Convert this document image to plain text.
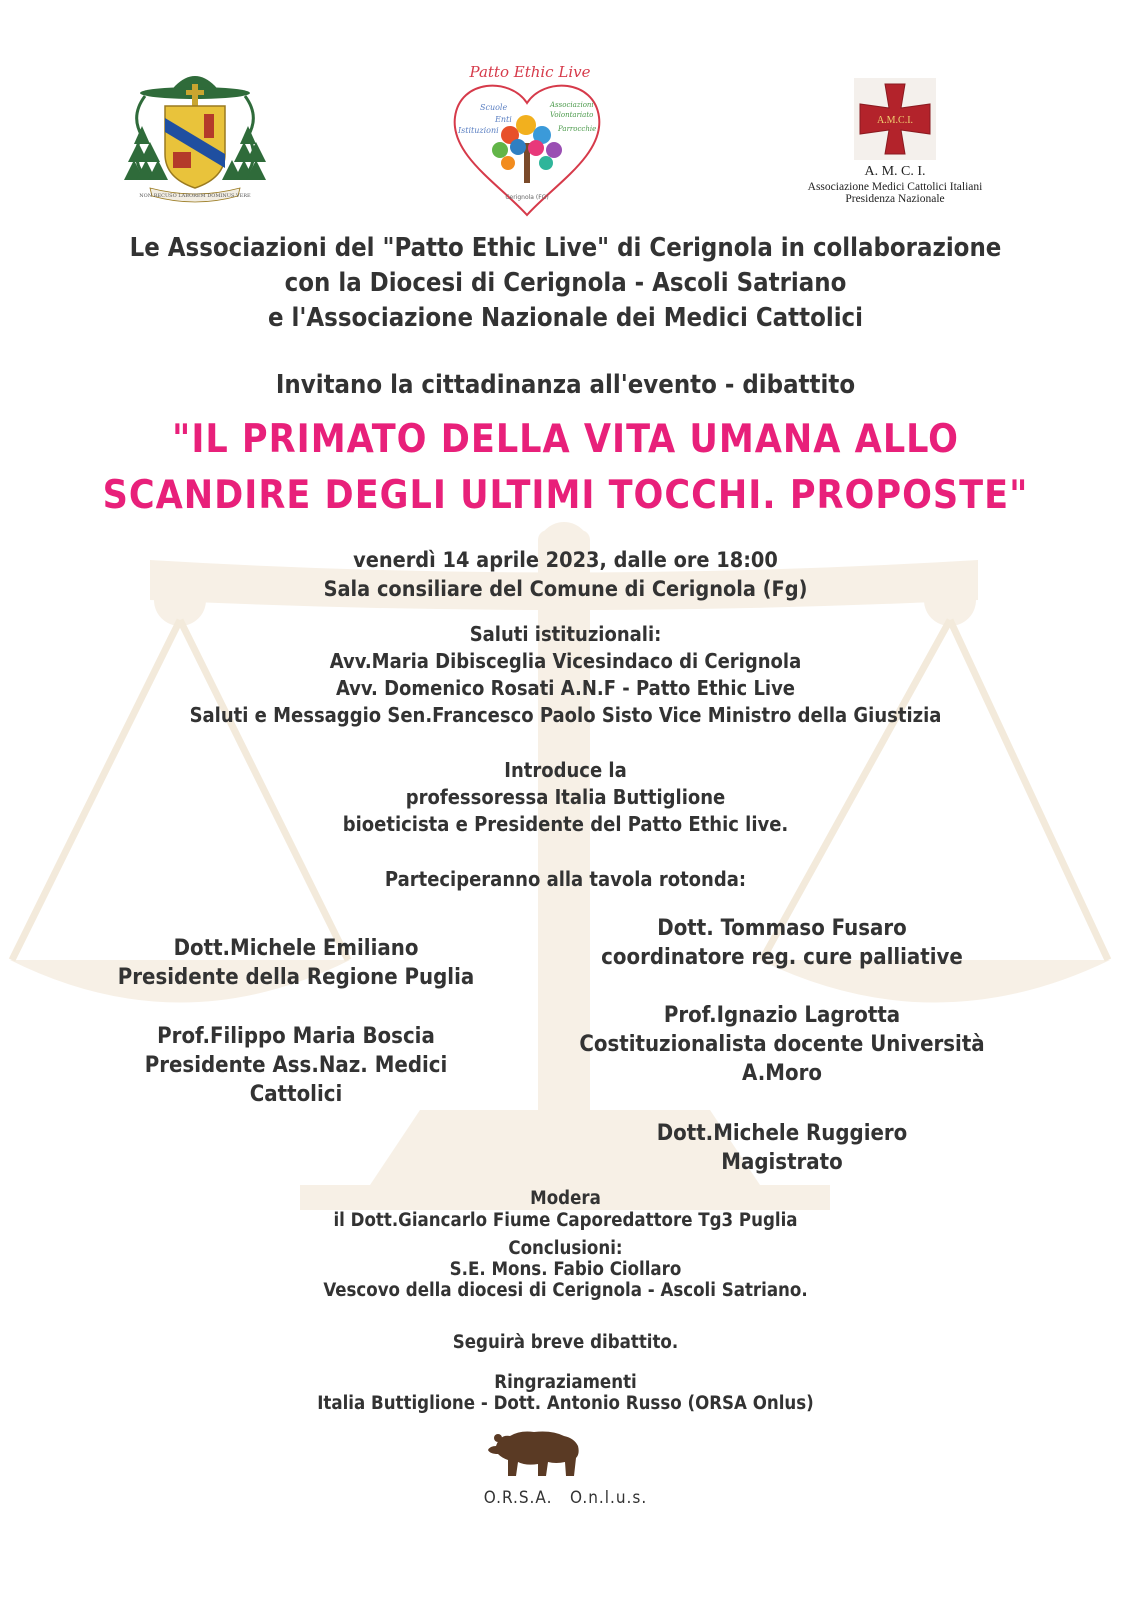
NON RECUSO LABOREM DOMINUS VERE
Patto Ethic Live
Scuole
Enti
Istituzioni
Associazioni
Volontariato
Parrocchie
Cerignola (FG)
A.M.C.I.
A. M. C. I.
Associazione Medici Cattolici Italiani
Presidenza Nazionale
Le Associazioni del "Patto Ethic Live" di Cerignola in collaborazione
con la Diocesi di Cerignola - Ascoli Satriano
e l'Associazione Nazionale dei Medici Cattolici
Invitano la cittadinanza all'evento - dibattito
"IL PRIMATO DELLA VITA UMANA ALLO
SCANDIRE DEGLI ULTIMI TOCCHI. PROPOSTE"
venerdì 14 aprile 2023, dalle ore 18:00
Sala consiliare del Comune di Cerignola (Fg)
Saluti istituzionali:
Avv.Maria Dibisceglia Vicesindaco di Cerignola
Avv. Domenico Rosati A.N.F - Patto Ethic Live
Saluti e Messaggio Sen.Francesco Paolo Sisto Vice Ministro della Giustizia
Introduce la
professoressa Italia Buttiglione
bioeticista e Presidente del Patto Ethic live.
Parteciperanno alla tavola rotonda:
Dott.Michele Emiliano
Presidente della Regione Puglia
Prof.Filippo Maria Boscia
Presidente Ass.Naz. Medici
Cattolici
Dott. Tommaso Fusaro
coordinatore reg. cure palliative
Prof.Ignazio Lagrotta
Costituzionalista docente Università
A.Moro
Dott.Michele Ruggiero
Magistrato
Modera
il Dott.Giancarlo Fiume Caporedattore Tg3 Puglia
Conclusioni:
S.E. Mons. Fabio Ciollaro
Vescovo della diocesi di Cerignola - Ascoli Satriano.
Seguirà breve dibattito.
Ringraziamenti
Italia Buttiglione - Dott. Antonio Russo (ORSA Onlus)
O.R.S.A.   O.n.l.u.s.
